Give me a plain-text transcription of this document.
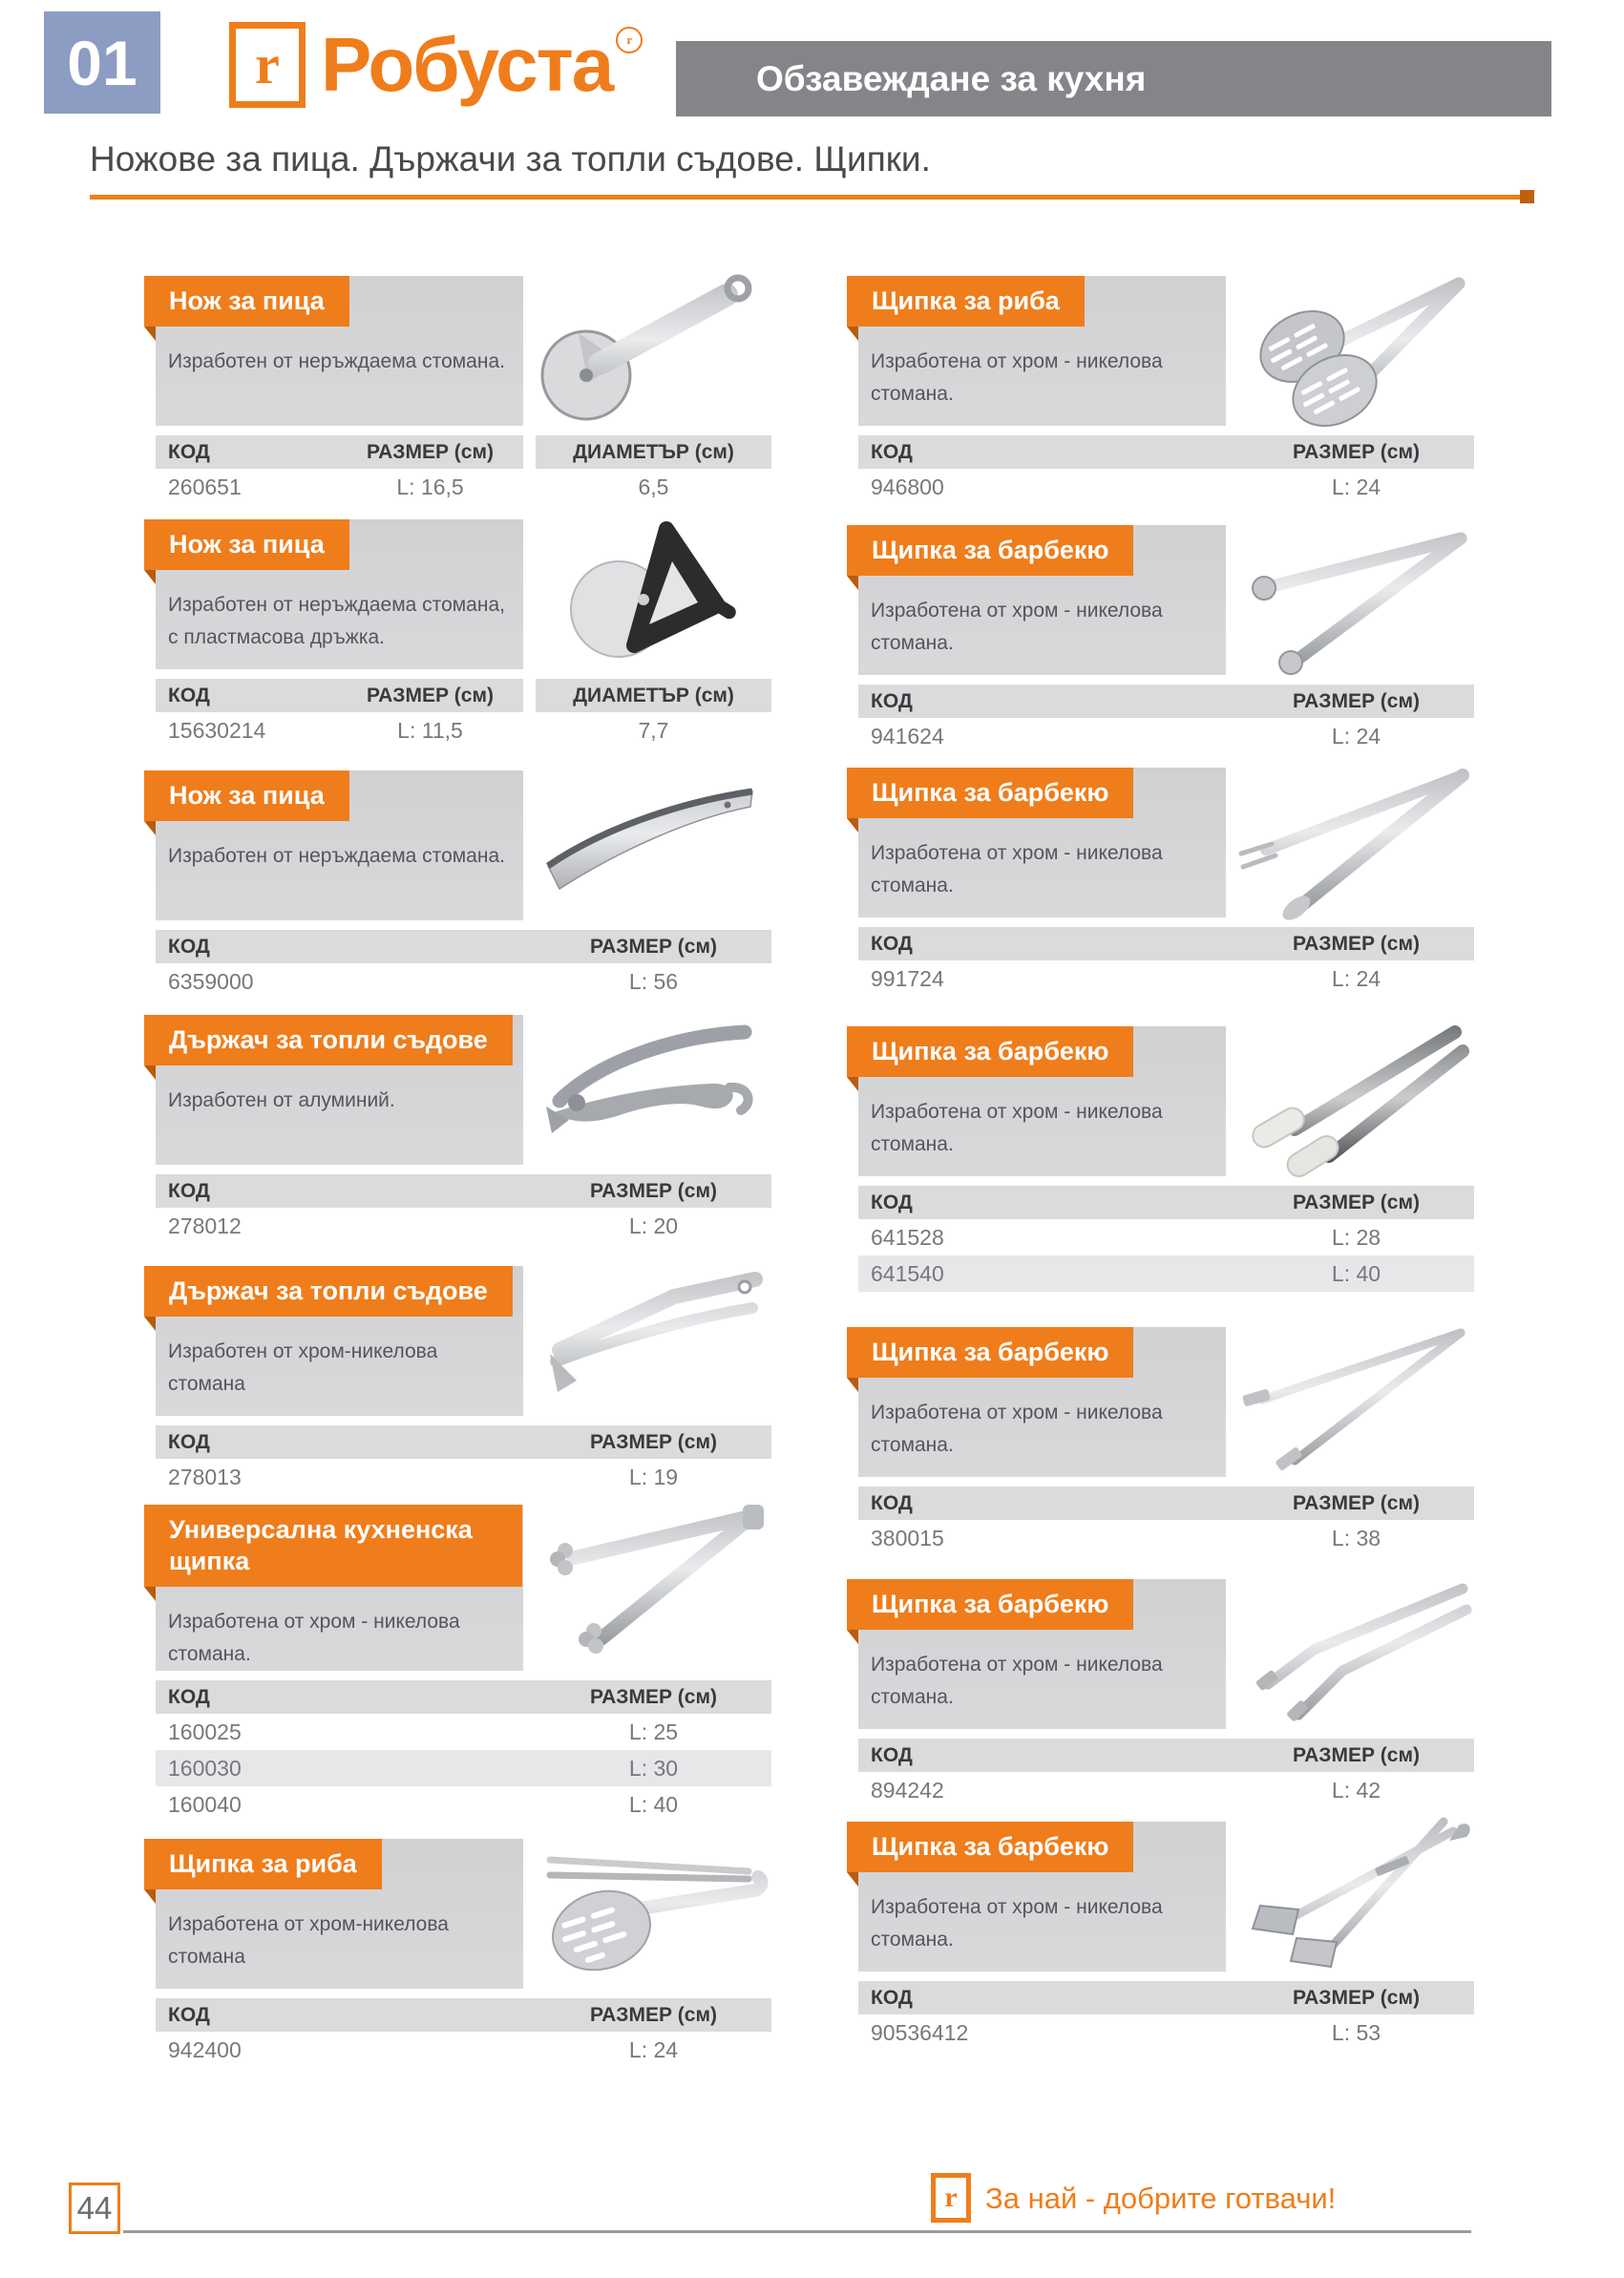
01	r Робуста	r
Обзавеждане за кухня
Ножове за пица. Държачи за топли съдове. Щипки.
Нож за пица

Изработен от неръждаема стомана.

КОД	РАЗМЕР (см)	ДИАМЕТЪР (см)
260651	L: 16,5	6,5
Нож за пица

Изработен от неръждаема стомана, с пластмасова дръжка.

КОД	РАЗМЕР (см)	ДИАМЕТЪР (см)
15630214	L: 11,5	7,7
Нож за пица

Изработен от неръждаема стомана.

КОД	РАЗМЕР (см)
6359000	L: 56
Държач за топли съдове

Изработен от алуминий.

КОД	РАЗМЕР (см)
278012	L: 20
Държач за топли съдове

Изработен от хром-никелова стомана

КОД	РАЗМЕР (см)
278013	L: 19
Универсална кухненска щипка

Изработена от хром - никелова стомана.

КОД	РАЗМЕР (см)
160025	L: 25
160030	L: 30
160040	L: 40
Щипка за риба

Изработена от хром-никелова стомана

КОД	РАЗМЕР (см)
942400	L: 24
Щипка за риба

Изработена от хром - никелова стомана.

КОД	РАЗМЕР (см)
946800	L: 24
Щипка за барбекю

Изработена от хром - никелова стомана.

КОД	РАЗМЕР (см)
941624	L: 24
Щипка за барбекю

Изработена от хром - никелова стомана.

КОД	РАЗМЕР (см)
991724	L: 24
Щипка за барбекю

Изработена от хром - никелова стомана.

КОД	РАЗМЕР (см)
641528	L: 28
641540	L: 40
Щипка за барбекю

Изработена от хром - никелова стомана.

КОД	РАЗМЕР (см)
380015	L: 38
Щипка за барбекю

Изработена от хром - никелова стомана.

КОД	РАЗМЕР (см)
894242	L: 42
Щипка за барбекю

Изработена от хром - никелова стомана.

КОД	РАЗМЕР (см)
90536412	L: 53
44	r За най - добрите готвачи!
